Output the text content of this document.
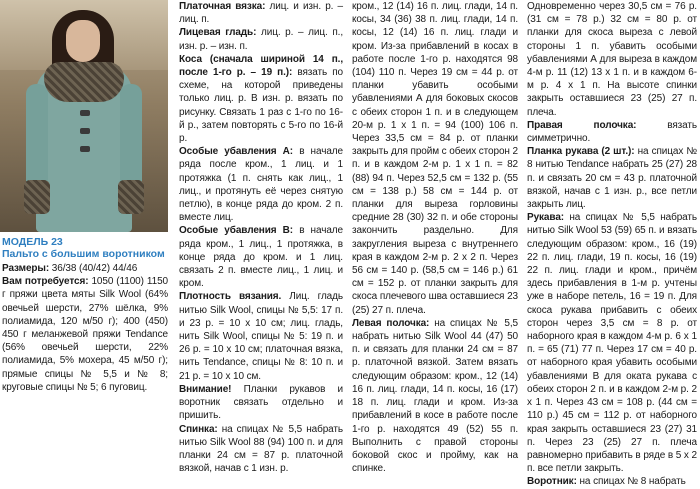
МОДЕЛЬ 23
Пальто с большим воротником

Размеры: 36/38 (40/42) 44/46

Вам потребуется: 1050 (1100) 1150 г пряжи цвета мяты Silk Wool (64% овечьей шерсти, 27% шёлка, 9% полиамида, 120 м/50 г); 400 (450) 450 г меланжевой пряжи Tendance (56% овечьей шерсти, 22% полиамида, 5% мохера, 45 м/50 г); прямые спицы № 5,5 и № 8; круговые спицы № 5; 6 пуговиц.

Платочная вязка: лиц. и изн. р. – лиц. п.

Лицевая гладь: лиц. р. – лиц. п., изн. р. – изн. п.

Коса (сначала шириной 14 п., после 1-го р. – 19 п.): вязать по схеме, на которой приведены только лиц. р. В изн. р. вязать по рисунку. Связать 1 раз с 1-го по 16-й р., затем повторять с 5-го по 16-й р.

Особые убавления А: в начале ряда после кром., 1 лиц. и 1 протяжка (1 п. снять как лиц., 1 лиц., и протянуть её через снятую петлю), в конце ряда до кром. 2 п. вместе лиц.

Особые убавления В: в начале ряда кром., 1 лиц., 1 протяжка, в конце ряда до кром. и 1 лиц. связать 2 п. вместе лиц., 1 лиц. и кром.

Плотность вязания. Лиц. гладь нитью Silk Wool, спицы № 5,5: 17 п. и 23 р. = 10 х 10 см; лиц. гладь, нить Silk Wool, спицы № 5: 19 п. и 26 р. = 10 х 10 см; платочная вязка, нить Tendance, спицы № 8: 10 п. и 21 р. = 10 х 10 см.

Внимание! Планки рукавов и воротник связать отдельно и пришить.

Спинка: на спицах № 5,5 набрать нитью Silk Wool 88 (94) 100 п. и для планки 24 см = 87 р. платочной вязкой, начав с 1 изн. р.

кром., 12 (14) 16 п. лиц. глади, 14 п. косы, 34 (36) 38 п. лиц. глади, 14 п. косы, 12 (14) 16 п. лиц. глади и кром. Из-за прибавлений в косах в работе после 1-го р. находятся 98 (104) 110 п. Через 19 см = 44 р. от планки убавить особыми убавлениями А для боковых скосов с обеих сторон 1 п. и в следующем 20-м р. 1 х 1 п. = 94 (100) 106 п. Через 33,5 см = 84 р. от планки закрыть для пройм с обеих сторон 2 п. и в каждом 2-м р. 1 х 1 п. = 82 (88) 94 п. Через 52,5 см = 132 р. (55 см = 138 р.) 58 см = 144 р. от планки для выреза горловины средние 28 (30) 32 п. и обе стороны закончить раздельно. Для закругления выреза с внутреннего края в каждом 2-м р. 2 х 2 п. Через 56 см = 140 р. (58,5 см = 146 р.) 61 см = 152 р. от планки закрыть для скоса плечевого шва оставшиеся 23 (25) 27 п. плеча.

Левая полочка: на спицах № 5,5 набрать нитью Silk Wool 44 (47) 50 п. и связать для планки 24 см = 87 р. платочной вязкой. Затем вязать следующим образом: кром., 12 (14) 16 п. лиц. глади, 14 п. косы, 16 (17) 18 п. лиц. глади и кром. Из-за прибавлений в косе в работе после 1-го р. находятся 49 (52) 55 п. Выполнить с правой стороны боковой скос и пройму, как на спинке.

Одновременно через 30,5 см = 76 р. (31 см = 78 р.) 32 см = 80 р. от планки для скоса выреза с левой стороны 1 п. убавить особыми убавлениями А для выреза в каждом 4-м р. 11 (12) 13 х 1 п. и в каждом 6-м р. 4 х 1 п. На высоте спинки закрыть оставшиеся 23 (25) 27 п. плеча.

Правая полочка: вязать симметрично.

Планка рукава (2 шт.): на спицах № 8 нитью Tendance набрать 25 (27) 28 п. и связать 20 см = 43 р. платочной вязкой, начав с 1 изн. р., все петли закрыть лиц.

Рукава: на спицах № 5,5 набрать нитью Silk Wool 53 (59) 65 п. и вязать следующим образом: кром., 16 (19) 22 п. лиц. глади, 19 п. косы, 16 (19) 22 п. лиц. глади и кром., причём здесь прибавления в 1-м р. учтены уже в наборе петель, 16 = 19 п. Для скоса рукава прибавить с обеих сторон через 3,5 см = 8 р. от наборного края в каждом 4-м р. 6 х 1 п. = 65 (71) 77 п. Через 17 см = 40 р. от наборного края убавить особыми убавлениями В для оката рукава с обеих сторон 2 п. и в каждом 2-м р. 2 х 1 п. Через 43 см = 108 р. (44 см = 110 р.) 45 см = 112 р. от наборного края закрыть оставшиеся 23 (27) 31 п. Через 23 (25) 27 п. плеча равномерно прибавить в ряде в 5 х 2 п. все петли закрыть.

Воротник: на спицах № 8 набрать
